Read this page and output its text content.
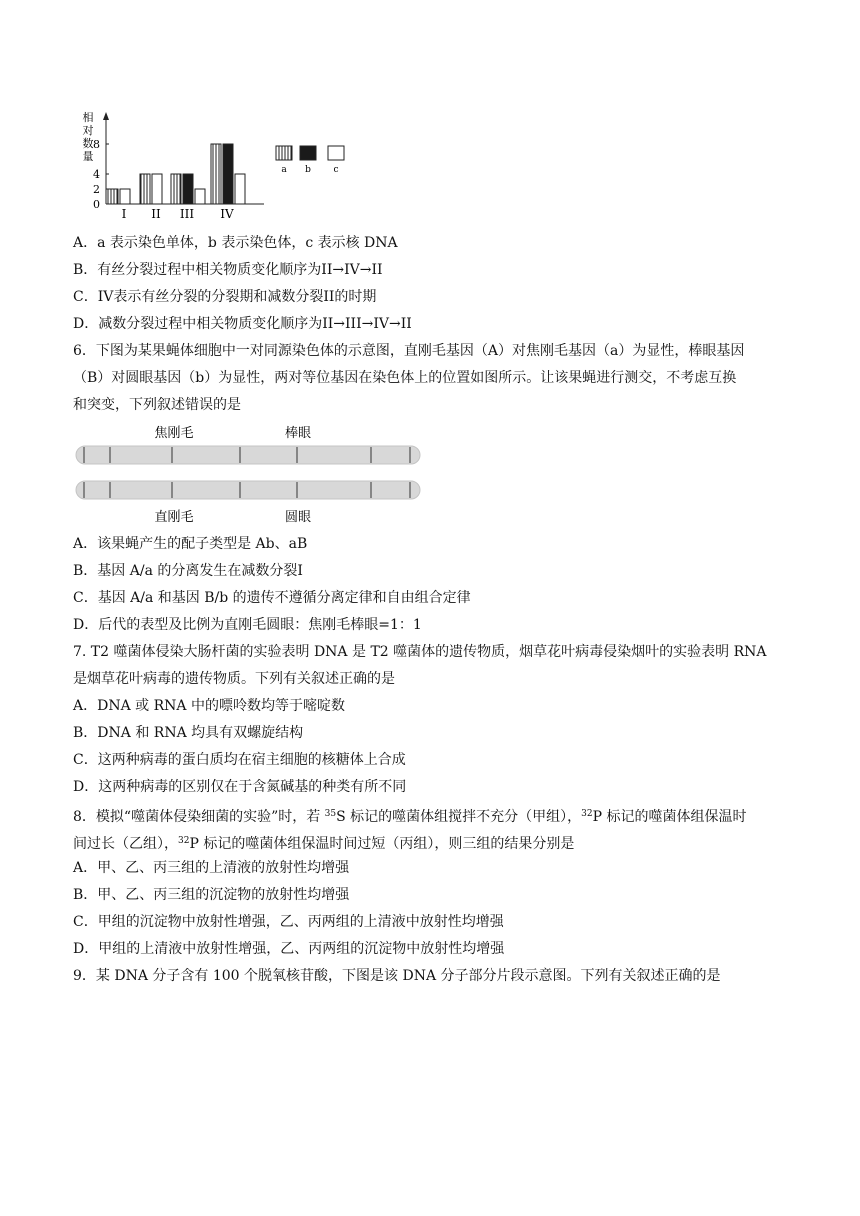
相
对
数
量
0
2
4
8
I II III IV
a b	c
A．a 表示染色单体，b 表示染色体，c 表示核 DNA
B．有丝分裂过程中相关物质变化顺序为II→IV→II
C．IV表示有丝分裂的分裂期和减数分裂II的时期
D．减数分裂过程中相关物质变化顺序为II→III→IV→II
6．下图为某果蝇体细胞中一对同源染色体的示意图，直刚毛基因（A）对焦刚毛基因（a）为显性，棒眼基因
（B）对圆眼基因（b）为显性，两对等位基因在染色体上的位置如图所示。让该果蝇进行测交，不考虑互换
和突变，下列叙述错误的是
焦刚毛	棒眼
直刚毛	圆眼
A．该果蝇产生的配子类型是 Ab、aB
B．基因 A/a 的分离发生在减数分裂I
C．基因 A/a 和基因 B/b 的遗传不遵循分离定律和自由组合定律
D．后代的表型及比例为直刚毛圆眼：焦刚毛棒眼=1：1
7. T2 噬菌体侵染大肠杆菌的实验表明 DNA 是 T2 噬菌体的遗传物质，烟草花叶病毒侵染烟叶的实验表明 RNA
是烟草花叶病毒的遗传物质。下列有关叙述正确的是
A．DNA 或 RNA 中的嘌呤数均等于嘧啶数
B．DNA 和 RNA 均具有双螺旋结构
C．这两种病毒的蛋白质均在宿主细胞的核糖体上合成
D．这两种病毒的区别仅在于含氮碱基的种类有所不同
8．模拟“噬菌体侵染细菌的实验”时，若 $^{35}$S 标记的噬菌体组搅拌不充分（甲组），$^{32}$P 标记的噬菌体组保温时
间过长（乙组），$^{32}$P 标记的噬菌体组保温时间过短（丙组），则三组的结果分别是
A．甲、乙、丙三组的上清液的放射性均增强
B．甲、乙、丙三组的沉淀物的放射性均增强
C．甲组的沉淀物中放射性增强，乙、丙两组的上清液中放射性均增强
D．甲组的上清液中放射性增强，乙、丙两组的沉淀物中放射性均增强
9．某 DNA 分子含有 100 个脱氧核苷酸，下图是该 DNA 分子部分片段示意图。下列有关叙述正确的是
